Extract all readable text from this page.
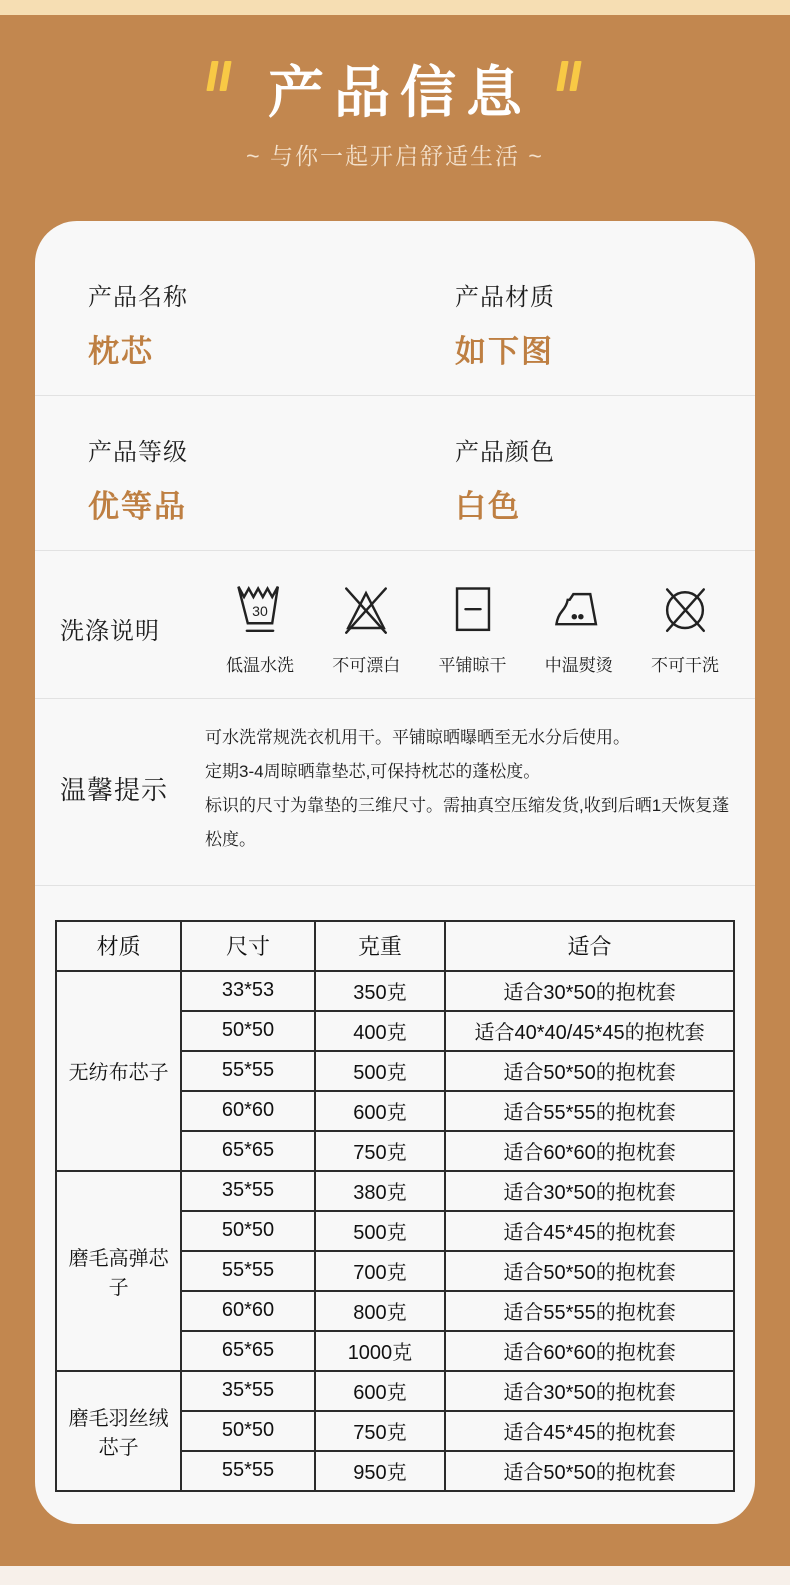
产品信息
~ 与你一起开启舒适生活 ~
产品名称
枕芯
产品材质
如下图
产品等级
优等品
产品颜色
白色
洗涤说明
30
低温水洗 不可漂白 平铺晾干 中温熨烫 不可干洗
温馨提示
可水洗常规洗衣机用干。平铺晾晒曝晒至无水分后使用。
定期3-4周晾晒靠垫芯,可保持枕芯的蓬松度。
标识的尺寸为靠垫的三维尺寸。需抽真空压缩发货,收到后晒1天恢复蓬松度。
材质	尺寸	克重	适合
无纺布芯子	33*53	350克	适合30*50的抱枕套
	50*50	400克	适合40*40/45*45的抱枕套
	55*55	500克	适合50*50的抱枕套
	60*60	600克	适合55*55的抱枕套
	65*65	750克	适合60*60的抱枕套
磨毛高弹芯子	35*55	380克	适合30*50的抱枕套
	50*50	500克	适合45*45的抱枕套
	55*55	700克	适合50*50的抱枕套
	60*60	800克	适合55*55的抱枕套
	65*65	1000克	适合60*60的抱枕套
磨毛羽丝绒芯子	35*55	600克	适合30*50的抱枕套
	50*50	750克	适合45*45的抱枕套
	55*55	950克	适合50*50的抱枕套
